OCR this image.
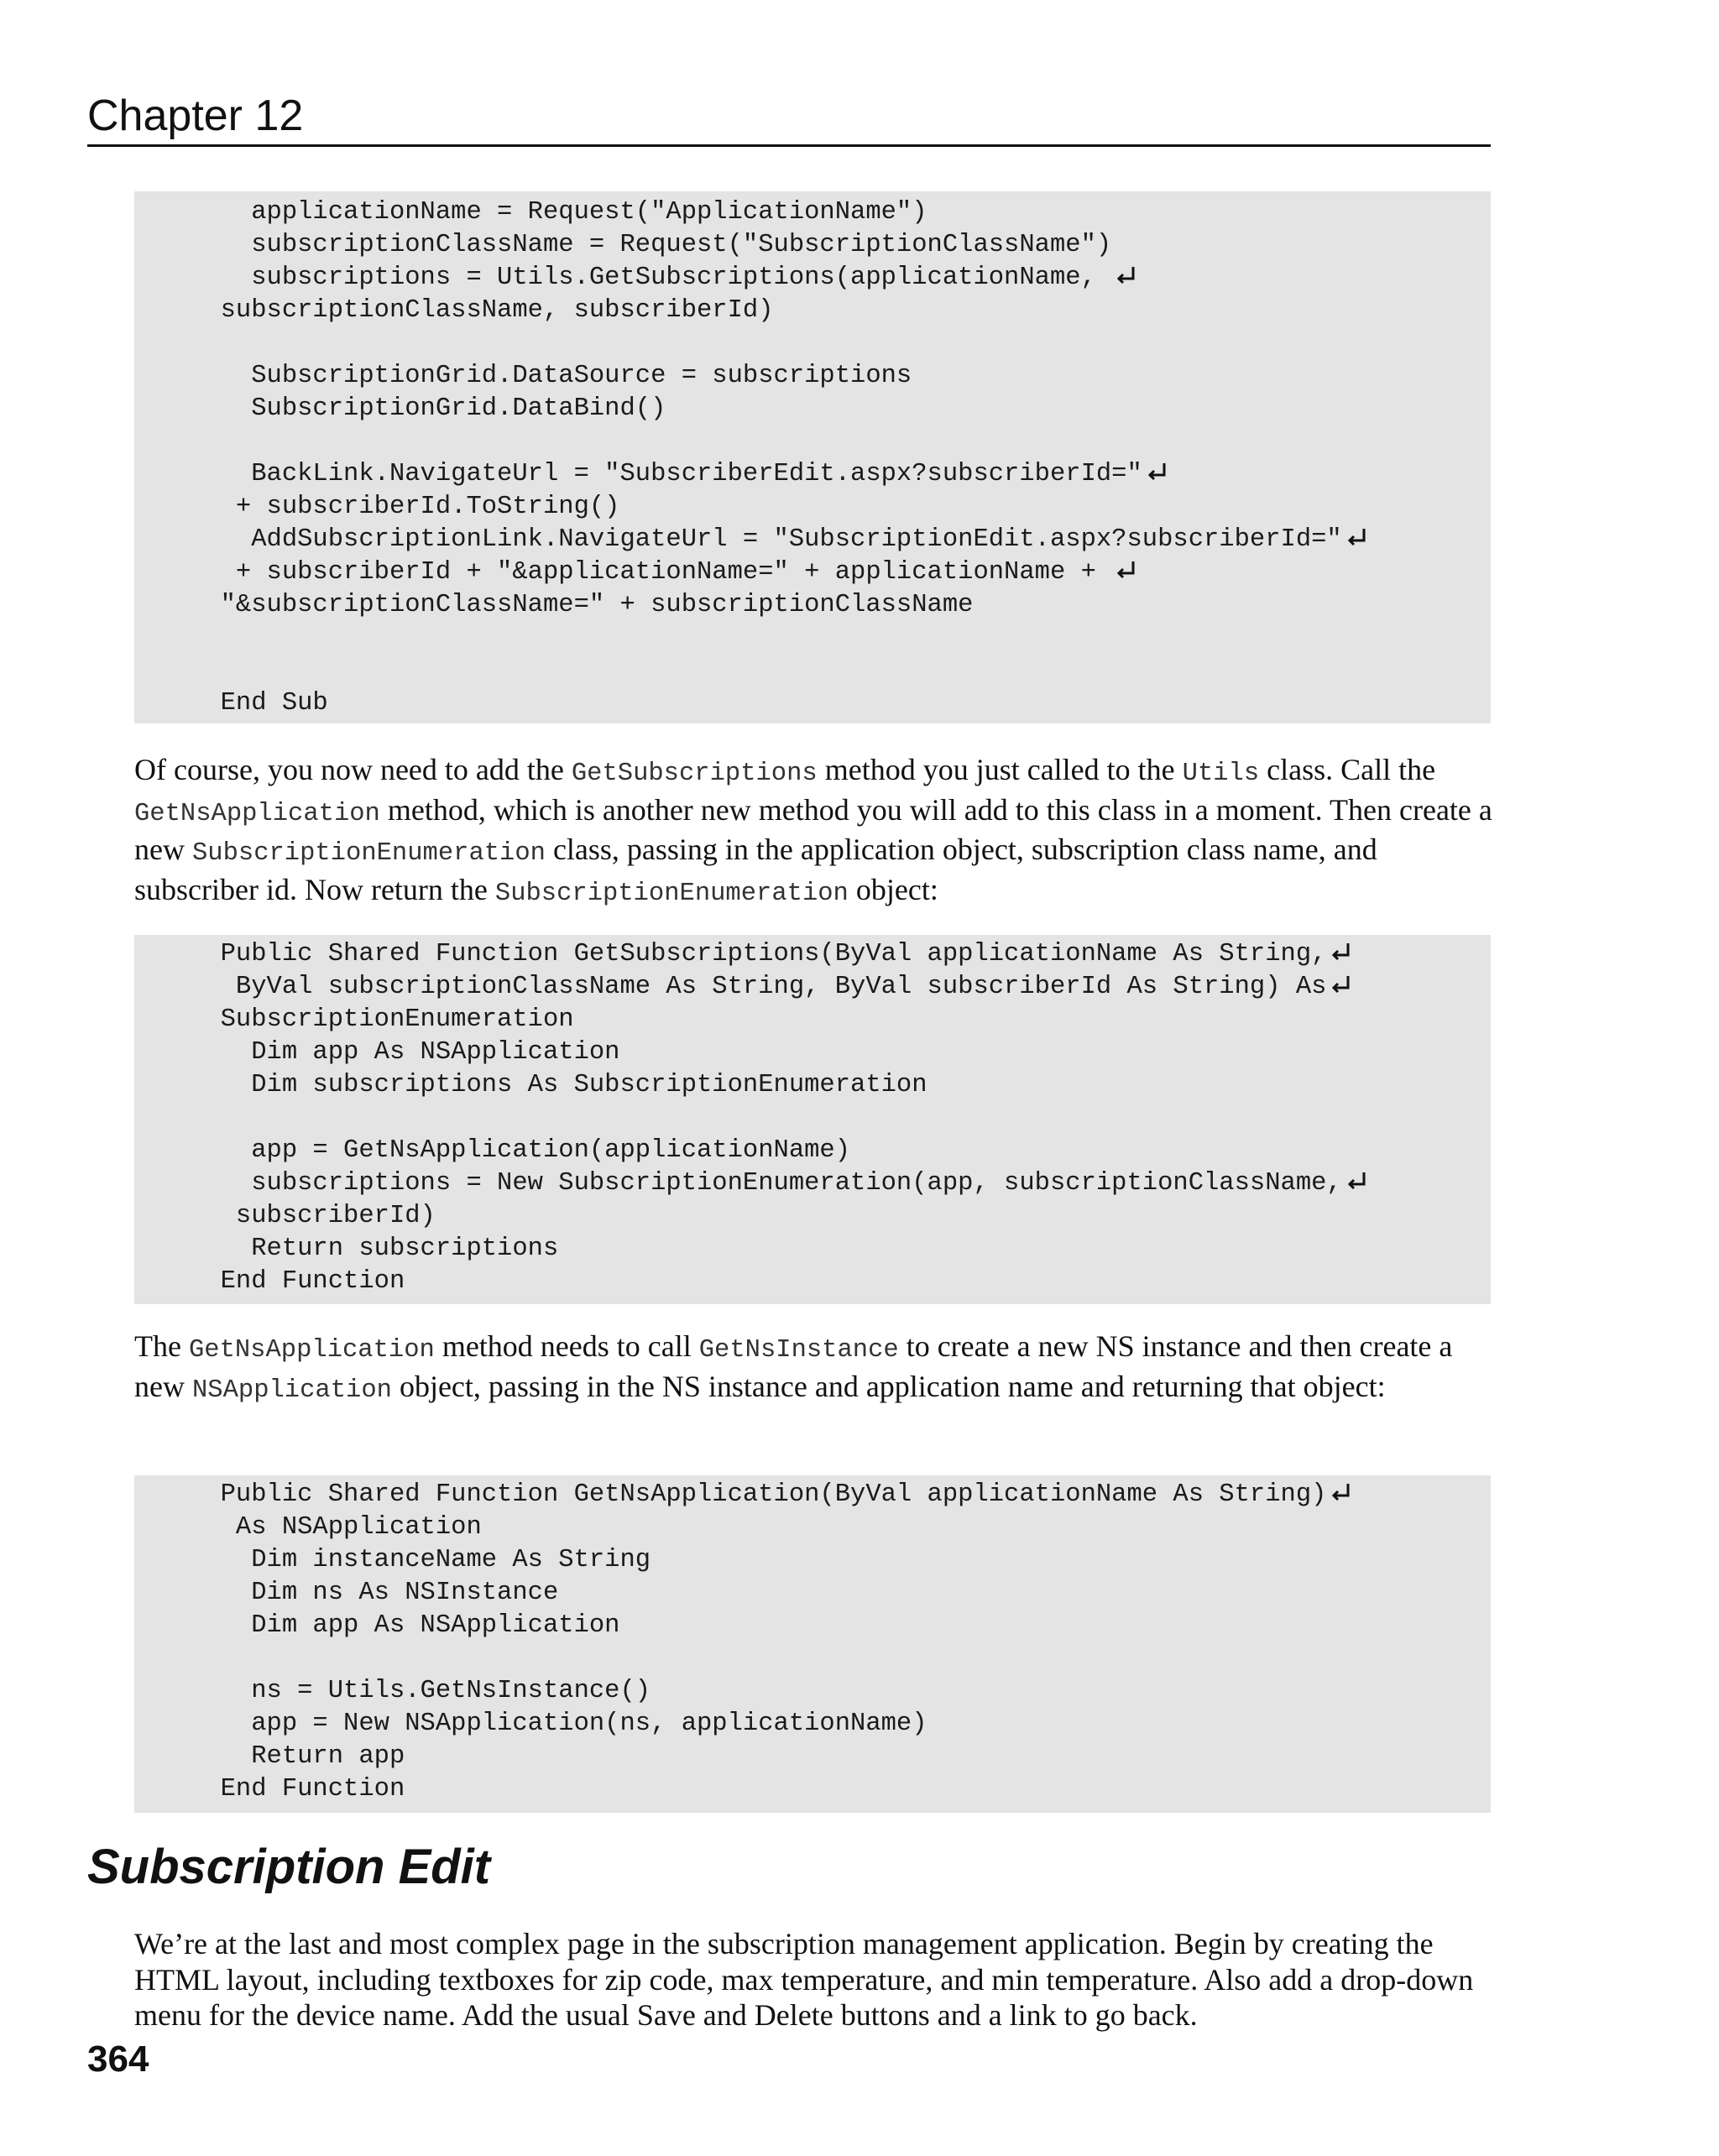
Chapter 12
applicationName = Request("ApplicationName")
subscriptionClassName = Request("SubscriptionClassName")
subscriptions = Utils.GetSubscriptions(applicationName,
subscriptionClassName, subscriberId)
SubscriptionGrid.DataSource = subscriptions
SubscriptionGrid.DataBind()
BackLink.NavigateUrl = "SubscriberEdit.aspx?subscriberId="
+ subscriberId.ToString()
AddSubscriptionLink.NavigateUrl = "SubscriptionEdit.aspx?subscriberId="
+ subscriberId + "&applicationName=" + applicationName +
"&subscriptionClassName=" + subscriptionClassName
End Sub
Of course, you now need to add the GetSubscriptions method you just called to the Utils class. Call the GetNsApplication method, which is another new method you will add to this class in a moment. Then create a new SubscriptionEnumeration class, passing in the application object, subscription class name, and subscriber id. Now return the SubscriptionEnumeration object:
Public Shared Function GetSubscriptions(ByVal applicationName As String,
ByVal subscriptionClassName As String, ByVal subscriberId As String) As
SubscriptionEnumeration
Dim app As NSApplication
Dim subscriptions As SubscriptionEnumeration
app = GetNsApplication(applicationName)
subscriptions = New SubscriptionEnumeration(app, subscriptionClassName,
subscriberId)
Return subscriptions
End Function
The GetNsApplication method needs to call GetNsInstance to create a new NS instance and then create a new NSApplication object, passing in the NS instance and application name and returning that object:
Public Shared Function GetNsApplication(ByVal applicationName As String)
As NSApplication
Dim instanceName As String
Dim ns As NSInstance
Dim app As NSApplication
ns = Utils.GetNsInstance()
app = New NSApplication(ns, applicationName)
Return app
End Function
Subscription Edit
We’re at the last and most complex page in the subscription management application. Begin by creating the HTML layout, including textboxes for zip code, max temperature, and min temperature. Also add a drop-down menu for the device name. Add the usual Save and Delete buttons and a link to go back.
364
